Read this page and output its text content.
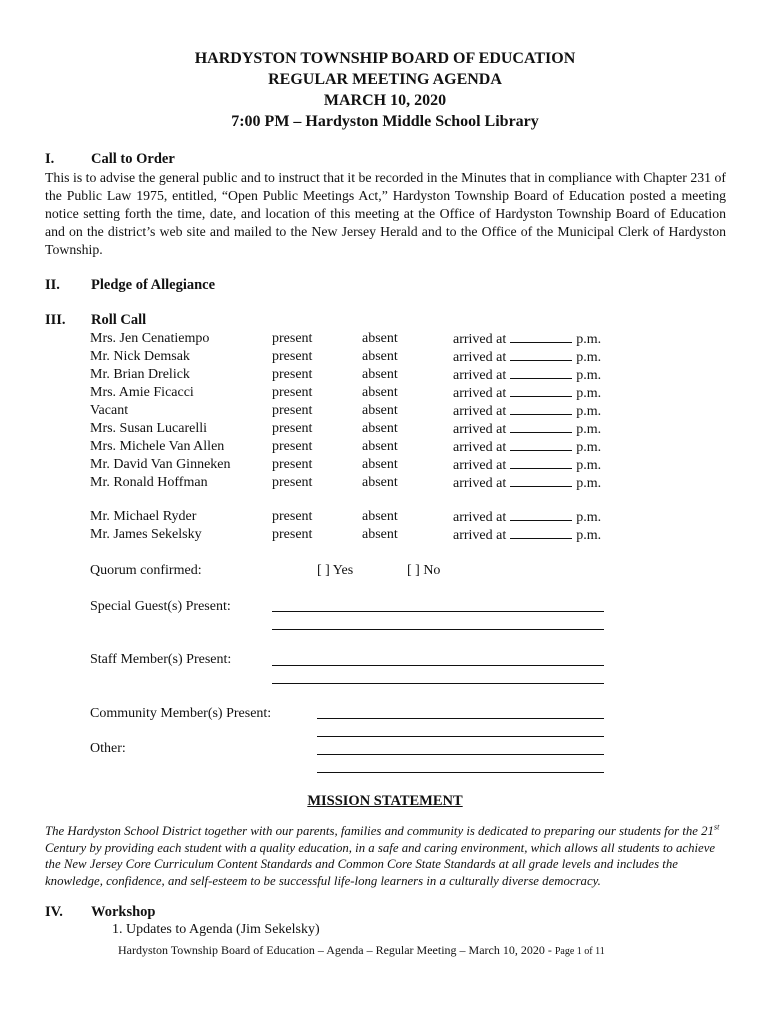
HARDYSTON TOWNSHIP BOARD OF EDUCATION
REGULAR MEETING AGENDA
MARCH 10, 2020
7:00 PM – Hardyston Middle School Library
I.	Call to Order
This is to advise the general public and to instruct that it be recorded in the Minutes that in compliance with Chapter 231 of the Public Law 1975, entitled, “Open Public Meetings Act,” Hardyston Township Board of Education posted a meeting notice setting forth the time, date, and location of this meeting at the Office of Hardyston Township Board of Education and on the district’s web site and mailed to the New Jersey Herald and to the Office of the Municipal Clerk of Hardyston Township.
II. Pledge of Allegiance
III. Roll Call
Mrs. Jen Cenatiempo	present	absent	arrived at	p.m.
Mr. Nick Demsak	present	absent	arrived at	p.m.
Mr. Brian Drelick	present	absent	arrived at	p.m.
Mrs. Amie Ficacci	present	absent	arrived at	p.m.
Vacant	present	absent	arrived at	p.m.
Mrs. Susan Lucarelli	present	absent	arrived at	p.m.
Mrs. Michele Van Allen	present	absent	arrived at	p.m.
Mr. David Van Ginneken	present	absent	arrived at	p.m.
Mr. Ronald Hoffman	present	absent	arrived at	p.m.
Mr. Michael Ryder	present	absent	arrived at	p.m.
Mr. James Sekelsky	present	absent	arrived at	p.m.
Quorum confirmed:	[ ] Yes	[ ] No
Special Guest(s) Present:
Staff Member(s) Present:
Community Member(s) Present:
Other:
MISSION STATEMENT
The Hardyston School District together with our parents, families and community is dedicated to preparing our students for the 21st Century by providing each student with a quality education, in a safe and caring environment, which allows all students to achieve the New Jersey Core Curriculum Content Standards and Common Core State Standards at all grade levels and includes the knowledge, confidence, and self-esteem to be successful life-long learners in a culturally diverse democracy.
IV. Workshop
1. Updates to Agenda (Jim Sekelsky)
Hardyston Township Board of Education – Agenda – Regular Meeting – March 10, 2020 - Page 1 of 11
